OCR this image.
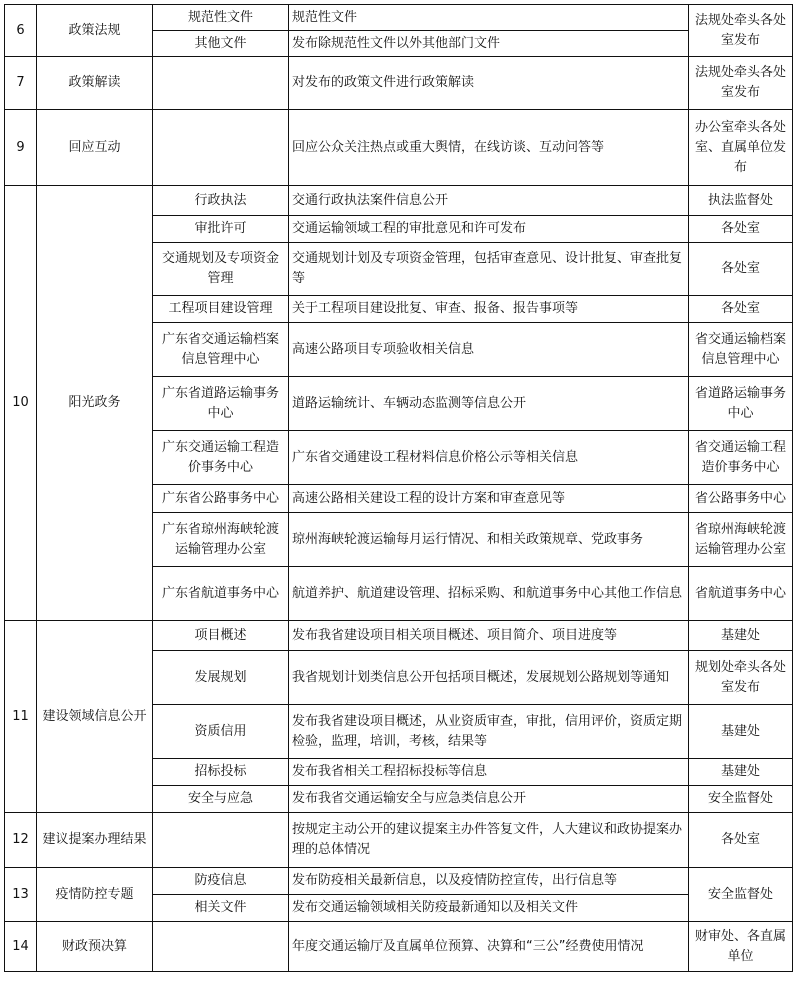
6	政策法规	规范性文件	规范性文件	法规处牵头各处室发布
		其他文件	发布除规范性文件以外其他部门文件	
7	政策解读		对发布的政策文件进行政策解读	法规处牵头各处室发布
9	回应互动		回应公众关注热点或重大舆情，在线访谈、互动问答等	办公室牵头各处室、直属单位发布
10	阳光政务	行政执法	交通行政执法案件信息公开	执法监督处
		审批许可	交通运输领域工程的审批意见和许可发布	各处室
		交通规划及专项资金管理	交通规划计划及专项资金管理，包括审查意见、设计批复、审查批复等	各处室
		工程项目建设管理	关于工程项目建设批复、审查、报备、报告事项等	各处室
		广东省交通运输档案信息管理中心	高速公路项目专项验收相关信息	省交通运输档案信息管理中心
		广东省道路运输事务中心	道路运输统计、车辆动态监测等信息公开	省道路运输事务中心
		广东交通运输工程造价事务中心	广东省交通建设工程材料信息价格公示等相关信息	省交通运输工程造价事务中心
		广东省公路事务中心	高速公路相关建设工程的设计方案和审查意见等	省公路事务中心
		广东省琼州海峡轮渡运输管理办公室	琼州海峡轮渡运输每月运行情况、和相关政策规章、党政事务	省琼州海峡轮渡运输管理办公室
		广东省航道事务中心	航道养护、航道建设管理、招标采购、和航道事务中心其他工作信息	省航道事务中心
11	建设领域信息公开	项目概述	发布我省建设项目相关项目概述、项目简介、项目进度等	基建处
		发展规划	我省规划计划类信息公开包括项目概述，发展规划公路规划等通知	规划处牵头各处室发布
		资质信用	发布我省建设项目概述，从业资质审查，审批，信用评价，资质定期检验，监理，培训，考核，结果等	基建处
		招标投标	发布我省相关工程招标投标等信息	基建处
		安全与应急	发布我省交通运输安全与应急类信息公开	安全监督处
12	建议提案办理结果		按规定主动公开的建议提案主办件答复文件，人大建议和政协提案办理的总体情况	各处室
13	疫情防控专题	防疫信息	发布防疫相关最新信息，以及疫情防控宣传，出行信息等	安全监督处
		相关文件	发布交通运输领域相关防疫最新通知以及相关文件	
14	财政预决算		年度交通运输厅及直属单位预算、决算和“三公”经费使用情况	财审处、各直属单位
